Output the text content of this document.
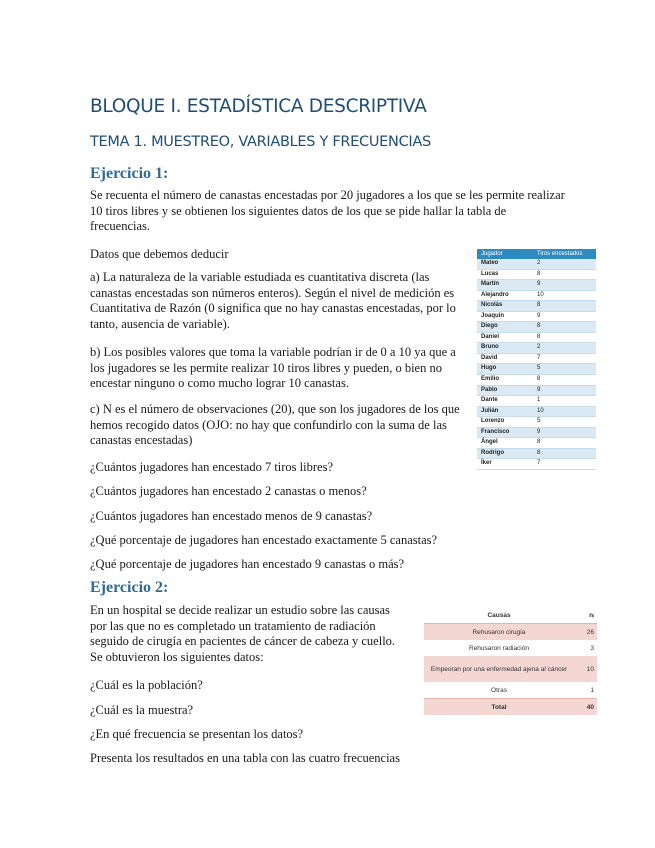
BLOQUE I. ESTADÍSTICA DESCRIPTIVA
TEMA 1. MUESTREO, VARIABLES Y FRECUENCIAS
Ejercicio 1:

Se recuenta el número de canastas encestadas por 20 jugadores a los que se les permite realizar 10 tiros libres y se obtienen los siguientes datos de los que se pide hallar la tabla de frecuencias.

Datos que debemos deducir

a) La naturaleza de la variable estudiada es cuantitativa discreta (las canastas encestadas son números enteros). Según el nivel de medición es Cuantitativa de Razón (0 significa que no hay canastas encestadas, por lo tanto, ausencia de variable).

b) Los posibles valores que toma la variable podrían ir de 0 a 10 ya que a los jugadores se les permite realizar 10 tiros libres y pueden, o bien no encestar ninguno o como mucho lograr 10 canastas.

c) N es el número de observaciones (20), que son los jugadores de los que hemos recogido datos (OJO: no hay que confundirlo con la suma de las canastas encestadas)

¿Cuántos jugadores han encestado 7 tiros libres?

¿Cuántos jugadores han encestado 2 canastas o menos?

¿Cuántos jugadores han encestado menos de 9 canastas?

¿Qué porcentaje de jugadores han encestado exactamente 5 canastas?

¿Qué porcentaje de jugadores han encestado 9 canastas o más?

Jugador	Tiros encestados
Mateo	2
Lucas	8
Martín	9
Alejandro	10
Nicolás	8
Joaquín	9
Diego	8
Daniel	8
Bruno	2
David	7
Hugo	5
Emilio	8
Pablo	9
Dante	1
Julián	10
Lorenzo	5
Francisco	9
Ángel	8
Rodrigo	8
Íker	7
Ejercicio 2:

En un hospital se decide realizar un estudio sobre las causas por las que no es completado un tratamiento de radiación seguido de cirugía en pacientes de cáncer de cabeza y cuello. Se obtuvieron los siguientes datos:

¿Cuál es la población?

¿Cuál es la muestra?

¿En qué frecuencia se presentan los datos?

Presenta los resultados en una tabla con las cuatro frecuencias

Causas	nᵢ
Rehusaron cirugía	26
Rehusaron radiación	3
Empeoran por una enfermedad ajena al cáncer	10
Otras	1
Total	40
